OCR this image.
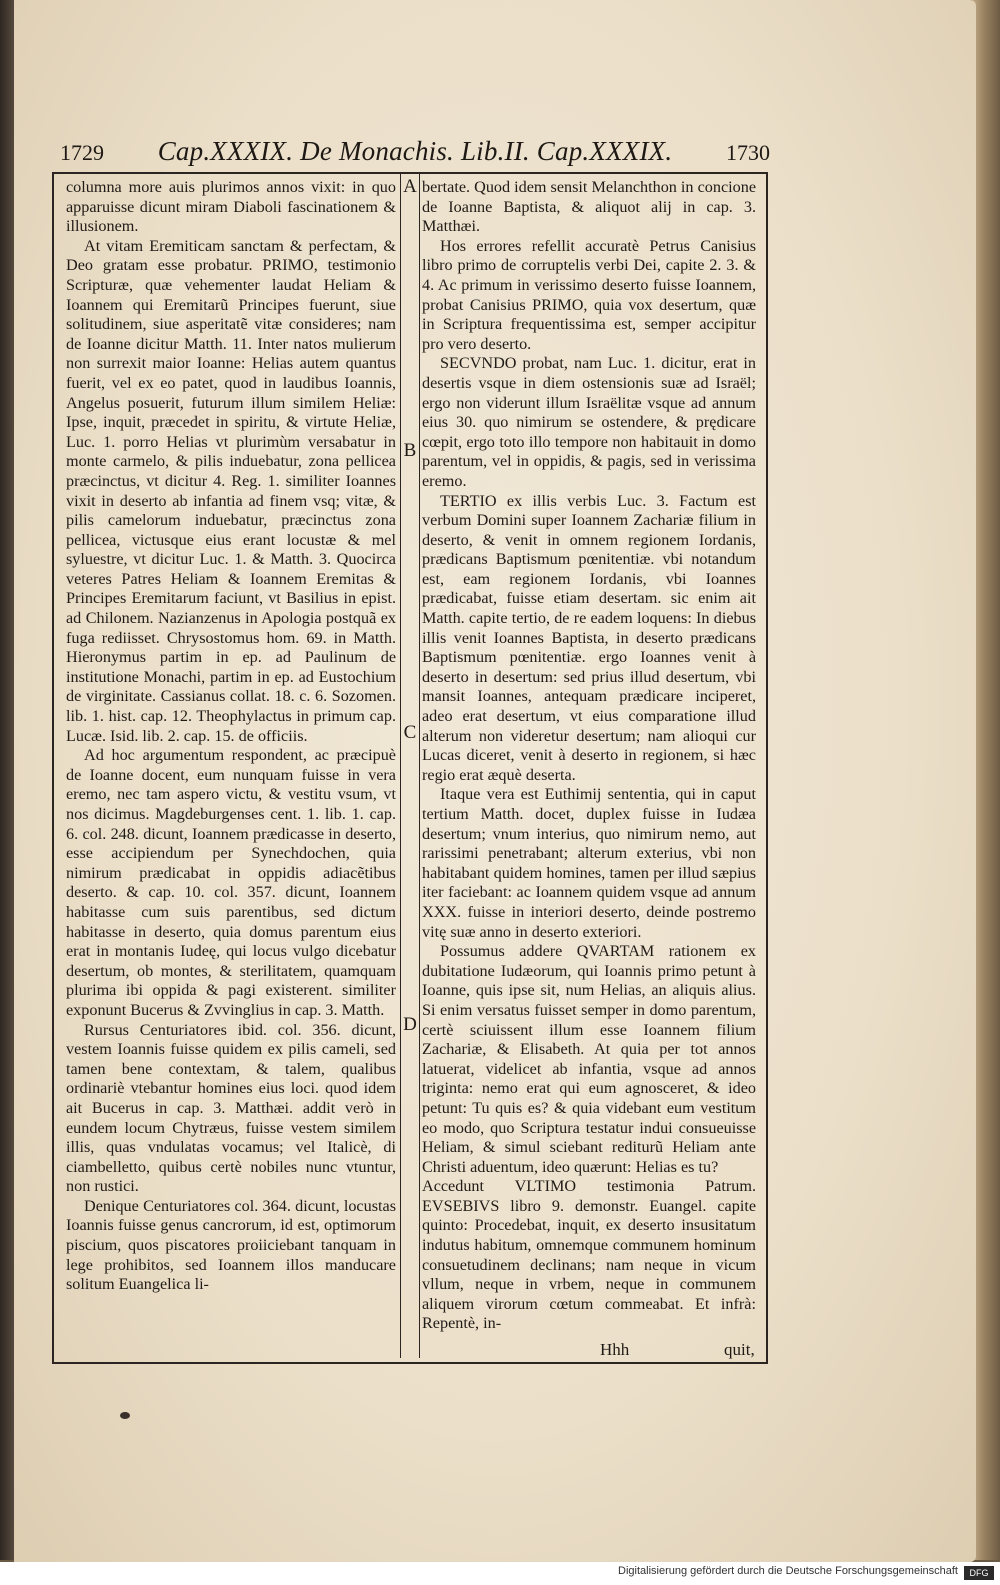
1729 Cap.XXXIX. De Monachis. Lib.II. Cap.XXXIX.	1730
A
B
C
D

columna more auis plurimos annos vixit: in quo apparuisse dicunt miram Diaboli fascinationem & illusionem.

At vitam Eremiticam sanctam & perfectam, & Deo gratam esse probatur. PRIMO, testimonio Scripturæ, quæ vehementer laudat Heliam & Ioannem qui Eremitarũ Principes fuerunt, siue solitudinem, siue asperitatẽ vitæ consideres; nam de Ioanne dicitur Matth. 11. Inter natos mulierum non surrexit maior Ioanne: Helias autem quantus fuerit, vel ex eo patet, quod in laudibus Ioannis, Angelus posuerit, futurum illum similem Heliæ: Ipse, inquit, præcedet in spiritu, & virtute Heliæ, Luc. 1. porro Helias vt plurimùm versabatur in monte carmelo, & pilis induebatur, zona pellicea præcinctus, vt dicitur 4. Reg. 1. similiter Ioannes vixit in deserto ab infantia ad finem vsq; vitæ, & pilis camelorum induebatur, præcinctus zona pellicea, victusque eius erant locustæ & mel syluestre, vt dicitur Luc. 1. & Matth. 3. Quocirca veteres Patres Heliam & Ioannem Eremitas & Principes Eremitarum faciunt, vt Basilius in epist. ad Chilonem. Nazianzenus in Apologia postquã ex fuga rediisset. Chrysostomus hom. 69. in Matth. Hieronymus partim in ep. ad Paulinum de institutione Monachi, partim in ep. ad Eustochium de virginitate. Cassianus collat. 18. c. 6. Sozomen. lib. 1. hist. cap. 12. Theophylactus in primum cap. Lucæ. Isid. lib. 2. cap. 15. de officiis.

Ad hoc argumentum respondent, ac præcipuè de Ioanne docent, eum nunquam fuisse in vera eremo, nec tam aspero victu, & vestitu vsum, vt nos dicimus. Magdeburgenses cent. 1. lib. 1. cap. 6. col. 248. dicunt, Ioannem prædicasse in deserto, esse accipiendum per Synechdochen, quia nimirum prædicabat in oppidis adiacẽtibus deserto. & cap. 10. col. 357. dicunt, Ioannem habitasse cum suis parentibus, sed dictum habitasse in deserto, quia domus parentum eius erat in montanis Iudeę, qui locus vulgo dicebatur desertum, ob montes, & sterilitatem, quamquam plurima ibi oppida & pagi existerent. similiter exponunt Bucerus & Zvvinglius in cap. 3. Matth.

Rursus Centuriatores ibid. col. 356. dicunt, vestem Ioannis fuisse quidem ex pilis cameli, sed tamen bene contextam, & talem, qualibus ordinariè vtebantur homines eius loci. quod idem ait Bucerus in cap. 3. Matthæi. addit verò in eundem locum Chytræus, fuisse vestem similem illis, quas vndulatas vocamus; vel Italicè, di ciambelletto, quibus certè nobiles nunc vtuntur, non rustici.

Denique Centuriatores col. 364. dicunt, locustas Ioannis fuisse genus cancrorum, id est, optimorum piscium, quos piscatores proiiciebant tanquam in lege prohibitos, sed Ioannem illos manducare solitum Euangelica li-

bertate. Quod idem sensit Melanchthon in concione de Ioanne Baptista, & aliquot alij in cap. 3. Matthæi.

Hos errores refellit accuratè Petrus Canisius libro primo de corruptelis verbi Dei, capite 2. 3. & 4. Ac primum in verissimo deserto fuisse Ioannem, probat Canisius PRIMO, quia vox desertum, quæ in Scriptura frequentissima est, semper accipitur pro vero deserto.

SECVNDO probat, nam Luc. 1. dicitur, erat in desertis vsque in diem ostensionis suæ ad Israël; ergo non viderunt illum Israëlitæ vsque ad annum eius 30. quo nimirum se ostendere, & prędicare cœpit, ergo toto illo tempore non habitauit in domo parentum, vel in oppidis, & pagis, sed in verissima eremo.

TERTIO ex illis verbis Luc. 3. Factum est verbum Domini super Ioannem Zachariæ filium in deserto, & venit in omnem regionem Iordanis, prædicans Baptismum pœnitentiæ. vbi notandum est, eam regionem Iordanis, vbi Ioannes prædicabat, fuisse etiam desertam. sic enim ait Matth. capite tertio, de re eadem loquens: In diebus illis venit Ioannes Baptista, in deserto prædicans Baptismum pœnitentiæ. ergo Ioannes venit à deserto in desertum: sed prius illud desertum, vbi mansit Ioannes, antequam prædicare inciperet, adeo erat desertum, vt eius comparatione illud alterum non videretur desertum; nam alioqui cur Lucas diceret, venit à deserto in regionem, si hæc regio erat æquè deserta.

Itaque vera est Euthimij sententia, qui in caput tertium Matth. docet, duplex fuisse in Iudæa desertum; vnum interius, quo nimirum nemo, aut rarissimi penetrabant; alterum exterius, vbi non habitabant quidem homines, tamen per illud sæpius iter faciebant: ac Ioannem quidem vsque ad annum XXX. fuisse in interiori deserto, deinde postremo vitę suæ anno in deserto exteriori.

Possumus addere QVARTAM rationem ex dubitatione Iudæorum, qui Ioannis primo petunt à Ioanne, quis ipse sit, num Helias, an aliquis alius. Si enim versatus fuisset semper in domo parentum, certè sciuissent illum esse Ioannem filium Zachariæ, & Elisabeth. At quia per tot annos latuerat, videlicet ab infantia, vsque ad annos triginta: nemo erat qui eum agnosceret, & ideo petunt: Tu quis es? & quia videbant eum vestitum eo modo, quo Scriptura testatur indui consueuisse Heliam, & simul sciebant rediturũ Heliam ante Christi aduentum, ideo quærunt: Helias es tu?

Accedunt VLTIMO testimonia Patrum. EVSEBIVS libro 9. demonstr. Euangel. capite quinto: Procedebat, inquit, ex deserto insusitatum indutus habitum, omnemque communem hominum consuetudinem declinans; nam neque in vicum vllum, neque in vrbem, neque in communem aliquem virorum cœtum commeabat. Et infrà: Repentè, in-

Hhh	quit,
Digitalisierung gefördert durch die Deutsche Forschungsgemeinschaft	DFG
